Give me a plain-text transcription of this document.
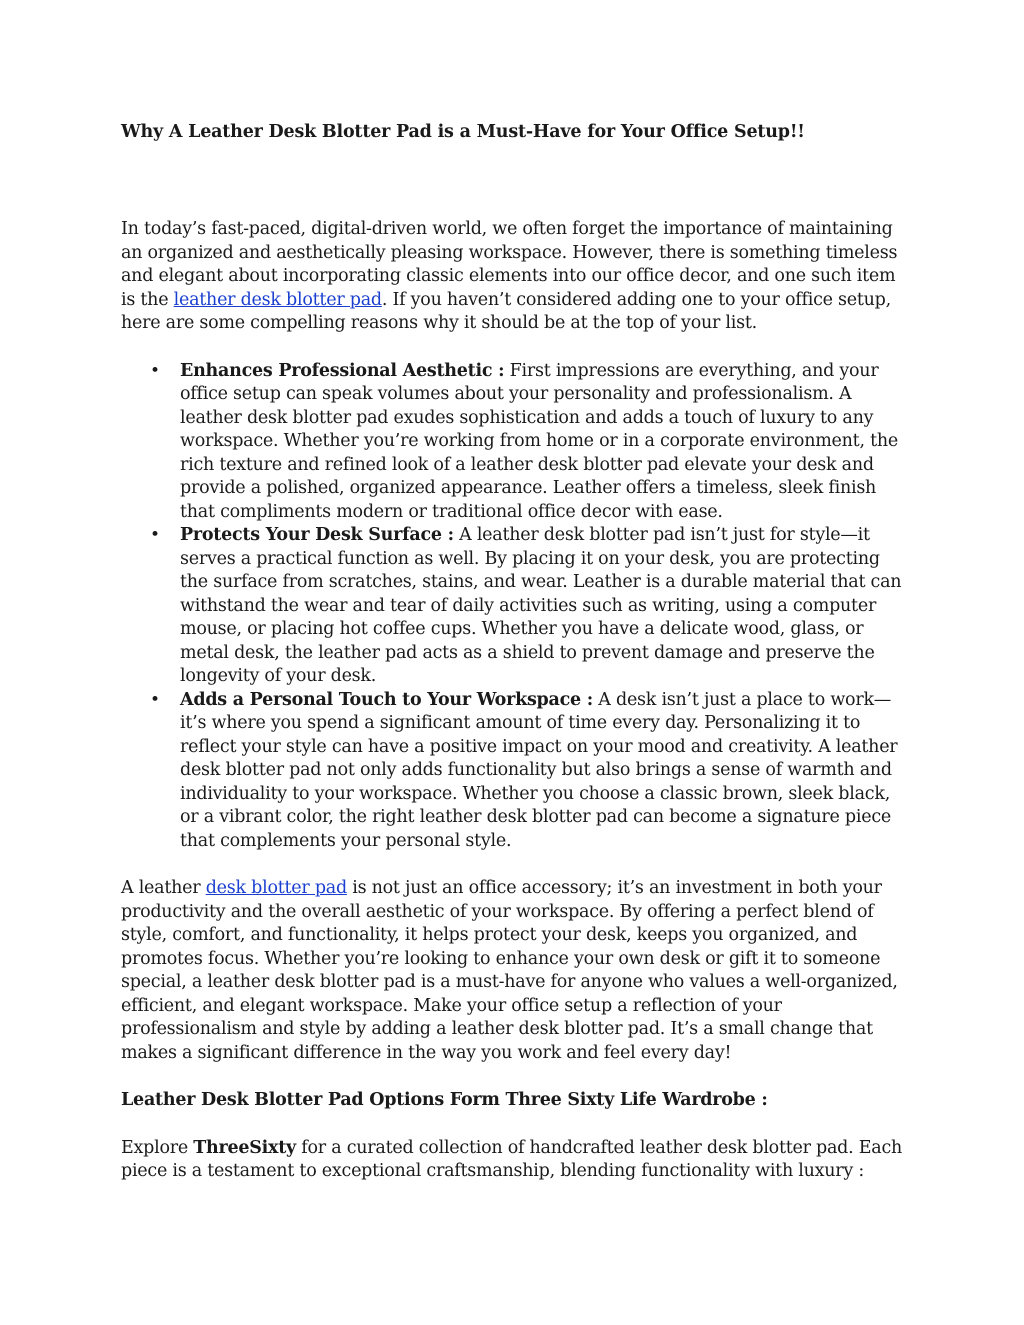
Why A Leather Desk Blotter Pad is a Must-Have for Your Office Setup!!

In today’s fast-paced, digital-driven world, we often forget the importance of maintaining an organized and aesthetically pleasing workspace. However, there is something timeless and elegant about incorporating classic elements into our office decor, and one such item is the leather desk blotter pad. If you haven’t considered adding one to your office setup, here are some compelling reasons why it should be at the top of your list.

• Enhances Professional Aesthetic : First impressions are everything, and your office setup can speak volumes about your personality and professionalism. A leather desk blotter pad exudes sophistication and adds a touch of luxury to any workspace. Whether you’re working from home or in a corporate environment, the rich texture and refined look of a leather desk blotter pad elevate your desk and provide a polished, organized appearance. Leather offers a timeless, sleek finish that compliments modern or traditional office decor with ease.
• Protects Your Desk Surface : A leather desk blotter pad isn’t just for style—it serves a practical function as well. By placing it on your desk, you are protecting the surface from scratches, stains, and wear. Leather is a durable material that can withstand the wear and tear of daily activities such as writing, using a computer mouse, or placing hot coffee cups. Whether you have a delicate wood, glass, or metal desk, the leather pad acts as a shield to prevent damage and preserve the longevity of your desk.
• Adds a Personal Touch to Your Workspace : A desk isn’t just a place to work—it’s where you spend a significant amount of time every day. Personalizing it to reflect your style can have a positive impact on your mood and creativity. A leather desk blotter pad not only adds functionality but also brings a sense of warmth and individuality to your workspace. Whether you choose a classic brown, sleek black, or a vibrant color, the right leather desk blotter pad can become a signature piece that complements your personal style.

A leather desk blotter pad is not just an office accessory; it’s an investment in both your productivity and the overall aesthetic of your workspace. By offering a perfect blend of style, comfort, and functionality, it helps protect your desk, keeps you organized, and promotes focus. Whether you’re looking to enhance your own desk or gift it to someone special, a leather desk blotter pad is a must-have for anyone who values a well-organized, efficient, and elegant workspace. Make your office setup a reflection of your professionalism and style by adding a leather desk blotter pad. It’s a small change that makes a significant difference in the way you work and feel every day!

Leather Desk Blotter Pad Options Form Three Sixty Life Wardrobe :

Explore ThreeSixty for a curated collection of handcrafted leather desk blotter pad. Each piece is a testament to exceptional craftsmanship, blending functionality with luxury :
